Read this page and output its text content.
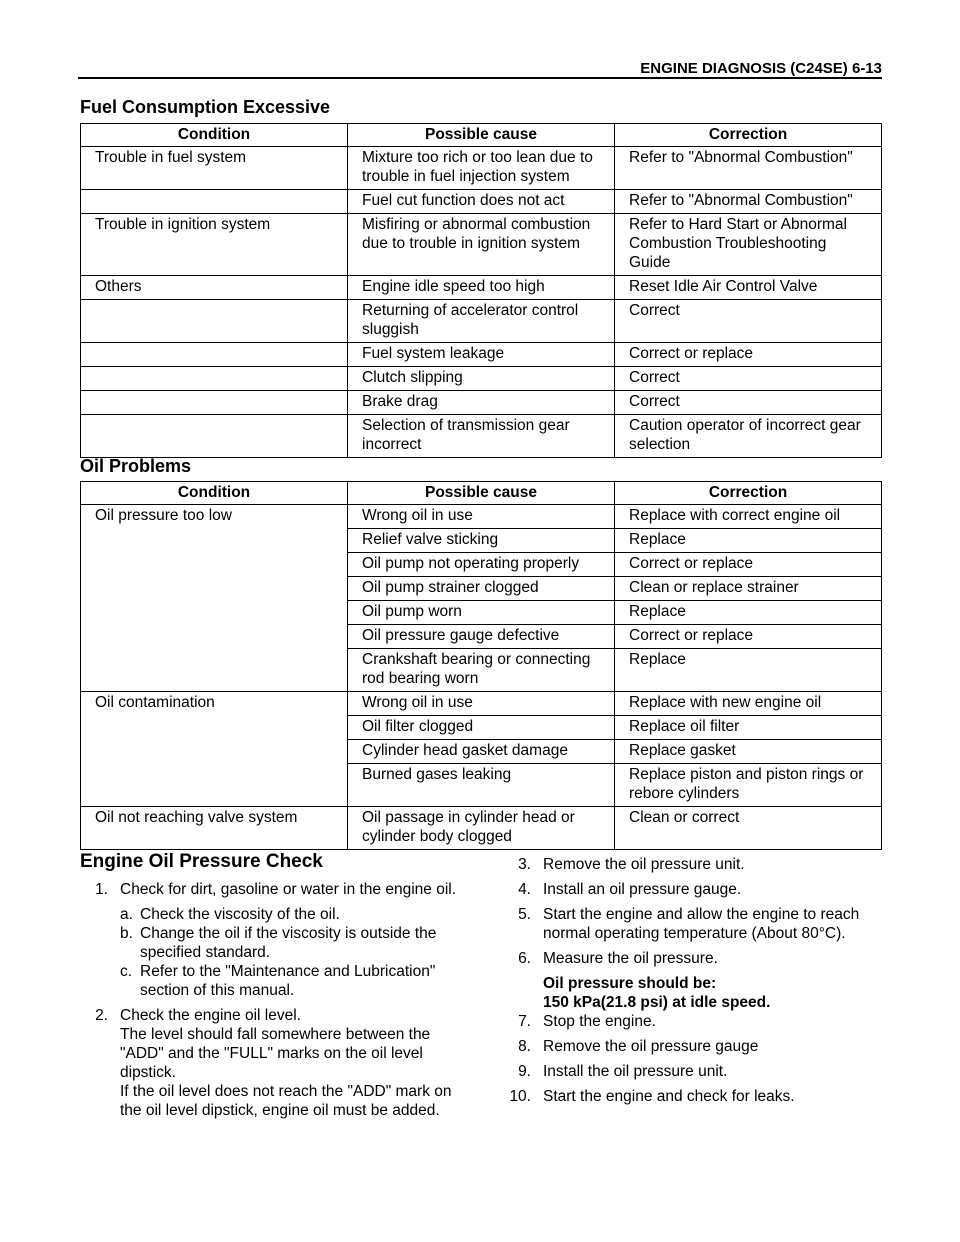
ENGINE DIAGNOSIS (C24SE) 6-13
Fuel Consumption Excessive
Condition	Possible cause	Correction
Trouble in fuel system	Mixture too rich or too lean due to trouble in fuel injection system	Refer to "Abnormal Combustion"
	Fuel cut function does not act	Refer to "Abnormal Combustion"
Trouble in ignition system	Misfiring or abnormal combustion due to trouble in ignition system	Refer to Hard Start or Abnormal Combustion Troubleshooting Guide
Others	Engine idle speed too high	Reset Idle Air Control Valve
	Returning of accelerator control sluggish	Correct
	Fuel system leakage	Correct or replace
	Clutch slipping	Correct
	Brake drag	Correct
	Selection of transmission gear incorrect	Caution operator of incorrect gear selection
Oil Problems
Condition	Possible cause	Correction
Oil pressure too low	Wrong oil in use	Replace with correct engine oil
	Relief valve sticking	Replace
	Oil pump not operating properly	Correct or replace
	Oil pump strainer clogged	Clean or replace strainer
	Oil pump worn	Replace
	Oil pressure gauge defective	Correct or replace
	Crankshaft bearing or connecting rod bearing worn	Replace
Oil contamination	Wrong oil in use	Replace with new engine oil
	Oil filter clogged	Replace oil filter
	Cylinder head gasket damage	Replace gasket
	Burned gases leaking	Replace piston and piston rings or rebore cylinders
Oil not reaching valve system	Oil passage in cylinder head or cylinder body clogged	Clean or correct
Engine Oil Pressure Check
1. Check for dirt, gasoline or water in the engine oil.
a. Check the viscosity of the oil.
b. Change the oil if the viscosity is outside the specified standard.
c. Refer to the "Maintenance and Lubrication" section of this manual.
2. Check the engine oil level.
The level should fall somewhere between the "ADD" and the "FULL" marks on the oil level dipstick.
If the oil level does not reach the "ADD" mark on the oil level dipstick, engine oil must be added.
3. Remove the oil pressure unit.
4. Install an oil pressure gauge.
5. Start the engine and allow the engine to reach normal operating temperature (About 80°C).
6. Measure the oil pressure.
Oil pressure should be:
150 kPa(21.8 psi) at idle speed.
7. Stop the engine.
8. Remove the oil pressure gauge
9. Install the oil pressure unit.
10. Start the engine and check for leaks.
